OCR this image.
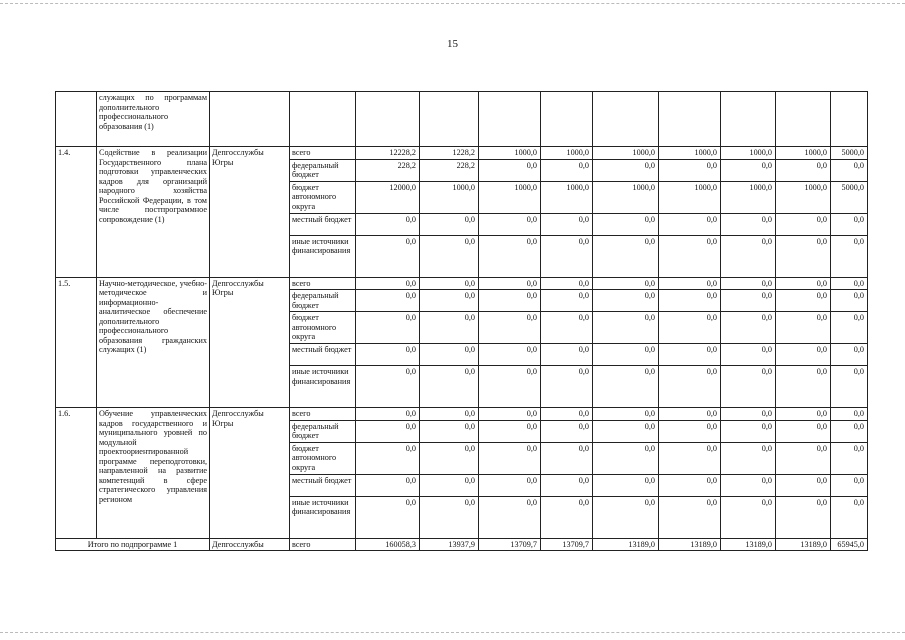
15
	служащих по программам дополнительного профессионального образования (1)											
1.4.	Содействие в реализации Государственного плана подготовки управленческих кадров для организаций народного хозяйства Российской Федерации, в том числе постпрограммное сопровождение (1)	Депгосслужбы Югры	всего	12228,2	1228,2	1000,0	1000,0	1000,0	1000,0	1000,0	1000,0	5000,0
			федеральный бюджет	228,2	228,2	0,0	0,0	0,0	0,0	0,0	0,0	0,0
			бюджет автономного округа	12000,0	1000,0	1000,0	1000,0	1000,0	1000,0	1000,0	1000,0	5000,0
			местный бюджет	0,0	0,0	0,0	0,0	0,0	0,0	0,0	0,0	0,0
			иные источники финансирования	0,0	0,0	0,0	0,0	0,0	0,0	0,0	0,0	0,0
1.5.	Научно-методическое, учебно-методическое и информационно-аналитическое обеспечение дополнительного профессионального образования гражданских служащих (1)	Депгосслужбы Югры	всего	0,0	0,0	0,0	0,0	0,0	0,0	0,0	0,0	0,0
			федеральный бюджет	0,0	0,0	0,0	0,0	0,0	0,0	0,0	0,0	0,0
			бюджет автономного округа	0,0	0,0	0,0	0,0	0,0	0,0	0,0	0,0	0,0
			местный бюджет	0,0	0,0	0,0	0,0	0,0	0,0	0,0	0,0	0,0
			иные источники финансирования	0,0	0,0	0,0	0,0	0,0	0,0	0,0	0,0	0,0
1.6.	Обучение управленческих кадров государственного и муниципального уровней по модульной проектоориентированной программе переподготовки, направленной на развитие компетенций в сфере стратегического управления регионом	Депгосслужбы Югры	всего	0,0	0,0	0,0	0,0	0,0	0,0	0,0	0,0	0,0
			федеральный бюджет	0,0	0,0	0,0	0,0	0,0	0,0	0,0	0,0	0,0
			бюджет автономного округа	0,0	0,0	0,0	0,0	0,0	0,0	0,0	0,0	0,0
			местный бюджет	0,0	0,0	0,0	0,0	0,0	0,0	0,0	0,0	0,0
			иные источники финансирования	0,0	0,0	0,0	0,0	0,0	0,0	0,0	0,0	0,0
Итого по подпрограмме 1		Депгосслужбы	всего	160058,3	13937,9	13709,7	13709,7	13189,0	13189,0	13189,0	13189,0	65945,0
